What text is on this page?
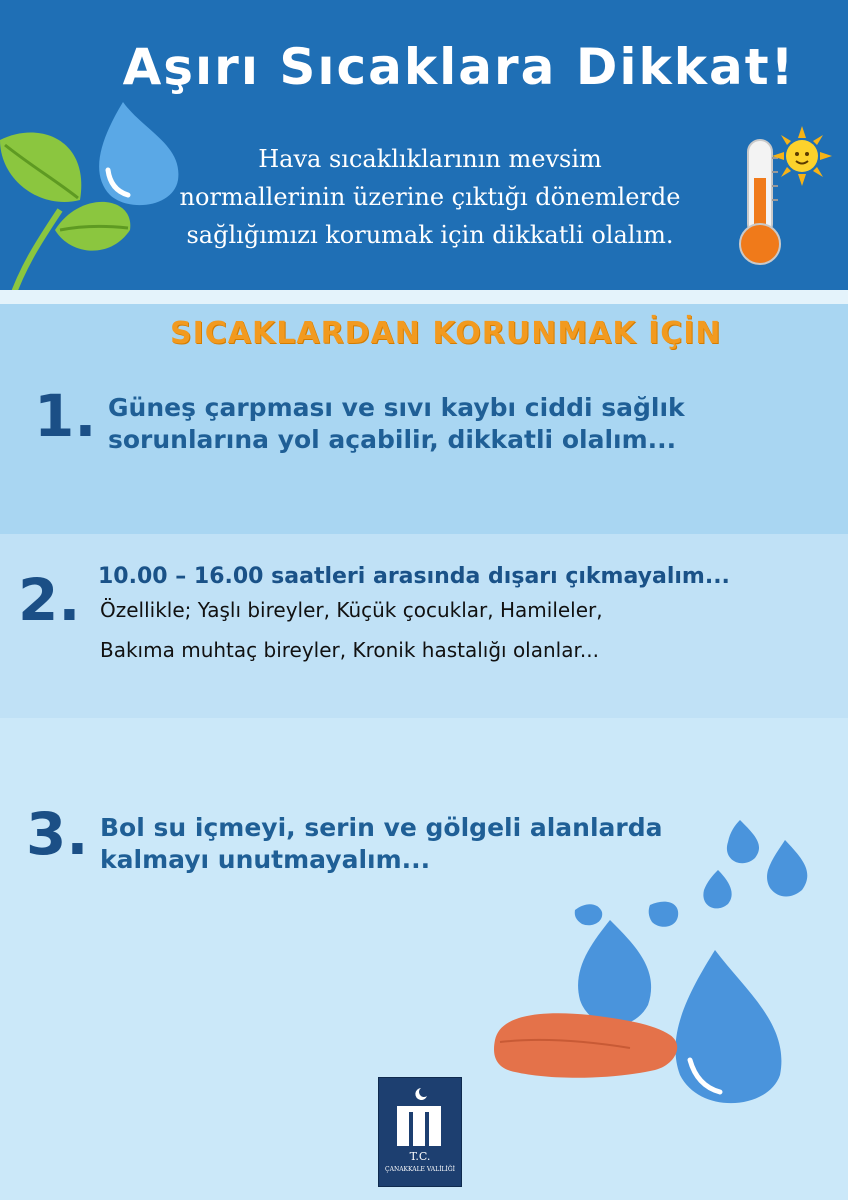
Aşırı Sıcaklara Dikkat!
Hava sıcaklıklarının mevsim
normallerinin üzerine çıktığı dönemlerde
sağlığımızı korumak için dikkatli olalım.
SICAKLARDAN KORUNMAK İÇİN
1. Güneş çarpması ve sıvı kaybı ciddi sağlık
sorunlarına yol açabilir, dikkatli olalım...
2. 10.00 – 16.00 saatleri arasında dışarı çıkmayalım...
Özellikle; Yaşlı bireyler, Küçük çocuklar, Hamileler,
Bakıma muhtaç bireyler, Kronik hastalığı olanlar...
3. Bol su içmeyi, serin ve gölgeli alanlarda
kalmayı unutmayalım...
T.C.
ÇANAKKALE VALİLİĞİ
